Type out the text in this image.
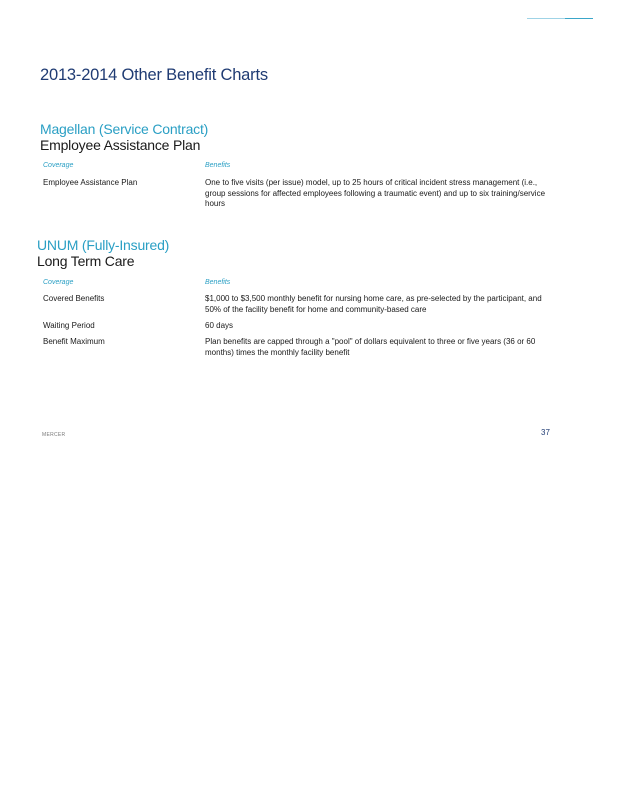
2013-2014 Other Benefit Charts
Magellan (Service Contract)
Employee Assistance Plan
Coverage	Benefits
Employee Assistance Plan	One to five visits (per issue) model, up to 25 hours of critical incident stress management (i.e., group sessions for affected employees following a traumatic event) and up to six training/service hours
UNUM (Fully-Insured)
Long Term Care
Coverage	Benefits
Covered Benefits	$1,000 to $3,500 monthly benefit for nursing home care, as pre-selected by the participant, and 50% of the facility benefit for home and community-based care
Waiting Period	60 days
Benefit Maximum	Plan benefits are capped through a "pool" of dollars equivalent to three or five years (36 or 60 months) times the monthly facility benefit
MERCER	37
